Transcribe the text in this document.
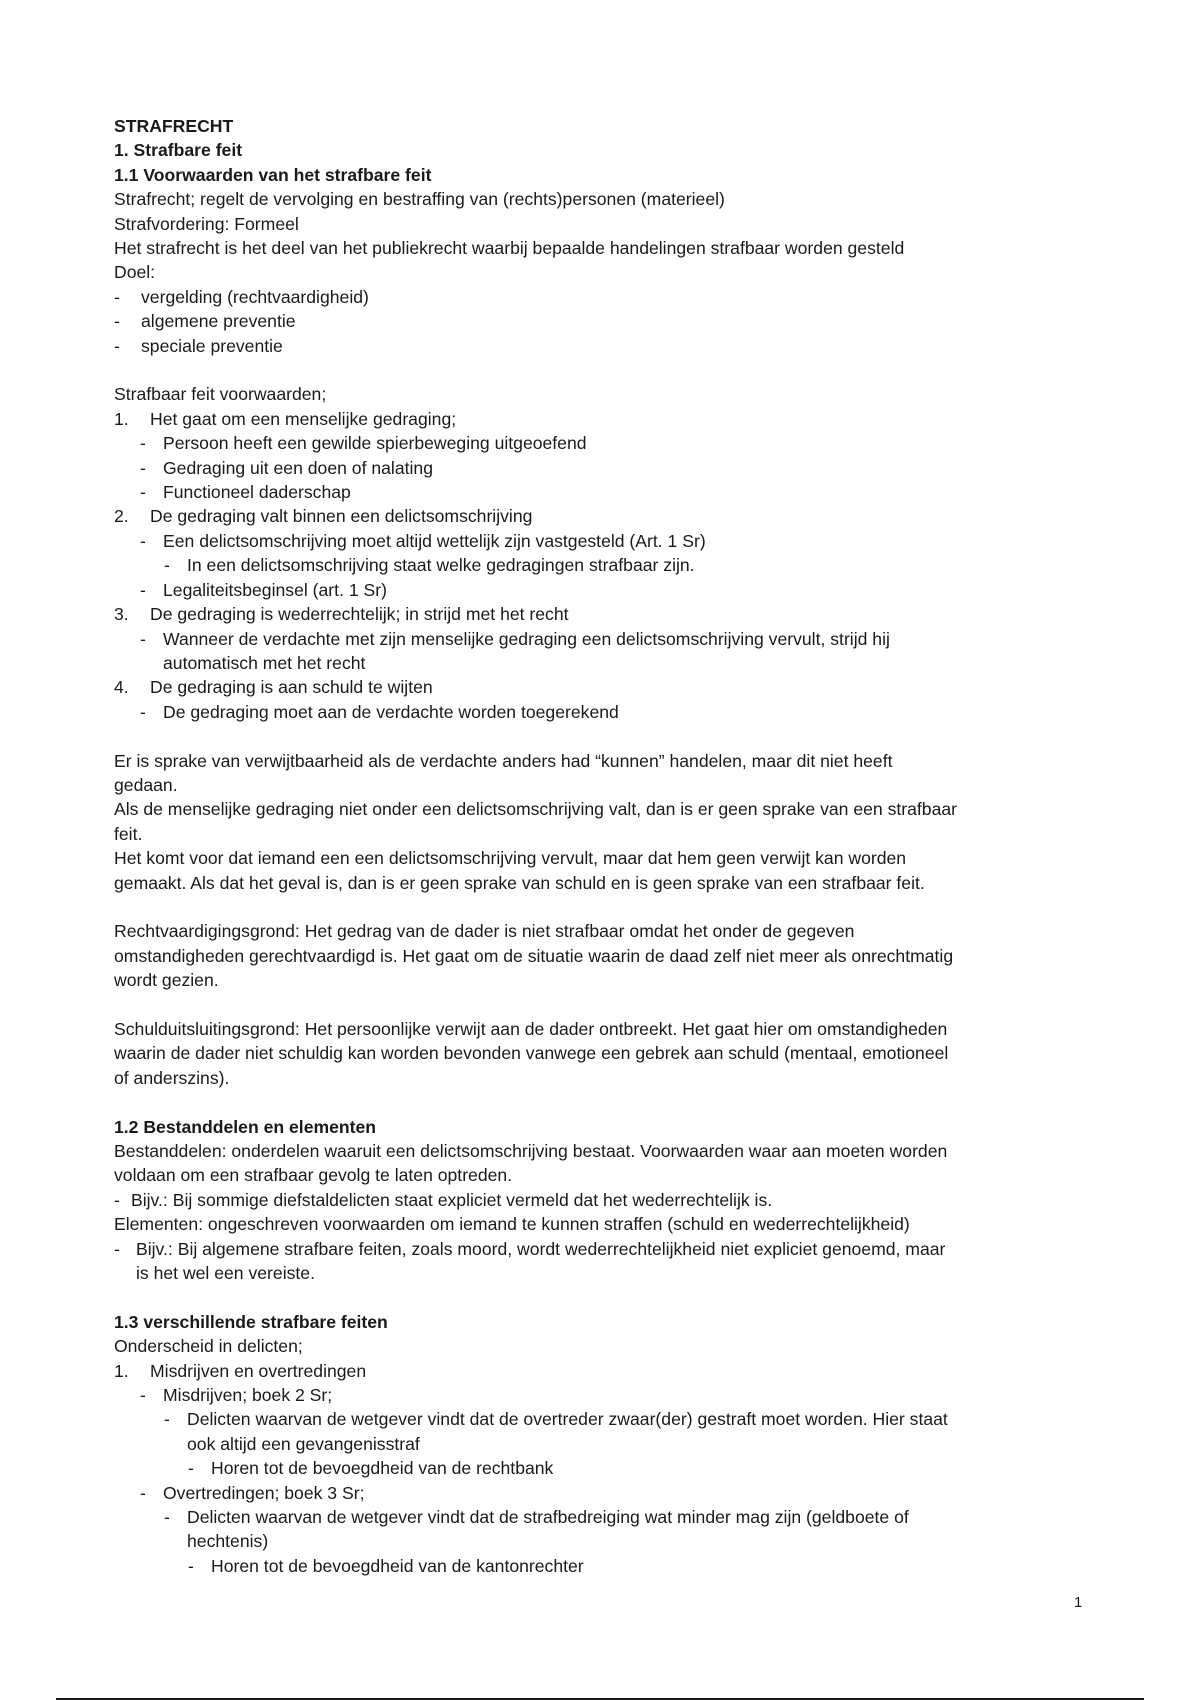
STRAFRECHT
1. Strafbare feit
1.1 Voorwaarden van het strafbare feit
Strafrecht; regelt de vervolging en bestraffing van (rechts)personen (materieel)
Strafvordering: Formeel
Het strafrecht is het deel van het publiekrecht waarbij bepaalde handelingen strafbaar worden gesteld
Doel:
-	vergelding (rechtvaardigheid)
-	algemene preventie
-	speciale preventie
Strafbaar feit voorwaarden;
1.	Het gaat om een menselijke gedraging;
- Persoon heeft een gewilde spierbeweging uitgeoefend
- Gedraging uit een doen of nalating
- Functioneel daderschap
2.	De gedraging valt binnen een delictsomschrijving
- Een delictsomschrijving moet altijd wettelijk zijn vastgesteld (Art. 1 Sr)
- In een delictsomschrijving staat welke gedragingen strafbaar zijn.
- Legaliteitsbeginsel (art. 1 Sr)
3.	De gedraging is wederrechtelijk; in strijd met het recht
- Wanneer de verdachte met zijn menselijke gedraging een delictsomschrijving vervult, strijd hij
automatisch met het recht
4.	De gedraging is aan schuld te wijten
- De gedraging moet aan de verdachte worden toegerekend
Er is sprake van verwijtbaarheid als de verdachte anders had “kunnen” handelen, maar dit niet heeft
gedaan.
Als de menselijke gedraging niet onder een delictsomschrijving valt, dan is er geen sprake van een strafbaar
feit.
Het komt voor dat iemand een een delictsomschrijving vervult, maar dat hem geen verwijt kan worden
gemaakt. Als dat het geval is, dan is er geen sprake van schuld en is geen sprake van een strafbaar feit.
Rechtvaardigingsgrond: Het gedrag van de dader is niet strafbaar omdat het onder de gegeven
omstandigheden gerechtvaardigd is. Het gaat om de situatie waarin de daad zelf niet meer als onrechtmatig
wordt gezien.
Schulduitsluitingsgrond: Het persoonlijke verwijt aan de dader ontbreekt. Het gaat hier om omstandigheden
waarin de dader niet schuldig kan worden bevonden vanwege een gebrek aan schuld (mentaal, emotioneel
of anderszins).
1.2 Bestanddelen en elementen
Bestanddelen: onderdelen waaruit een delictsomschrijving bestaat. Voorwaarden waar aan moeten worden
voldaan om een strafbaar gevolg te laten optreden.
- Bijv.: Bij sommige diefstaldelicten staat expliciet vermeld dat het wederrechtelijk is.
Elementen: ongeschreven voorwaarden om iemand te kunnen straffen (schuld en wederrechtelijkheid)
- Bijv.: Bij algemene strafbare feiten, zoals moord, wordt wederrechtelijkheid niet expliciet genoemd, maar
is het wel een vereiste.
1.3 verschillende strafbare feiten
Onderscheid in delicten;
1.	Misdrijven en overtredingen
- Misdrijven; boek 2 Sr;
- Delicten waarvan de wetgever vindt dat de overtreder zwaar(der) gestraft moet worden. Hier staat
ook altijd een gevangenisstraf
- Horen tot de bevoegdheid van de rechtbank
- Overtredingen; boek 3 Sr;
- Delicten waarvan de wetgever vindt dat de strafbedreiging wat minder mag zijn (geldboete of
hechtenis)
- Horen tot de bevoegdheid van de kantonrechter
1
